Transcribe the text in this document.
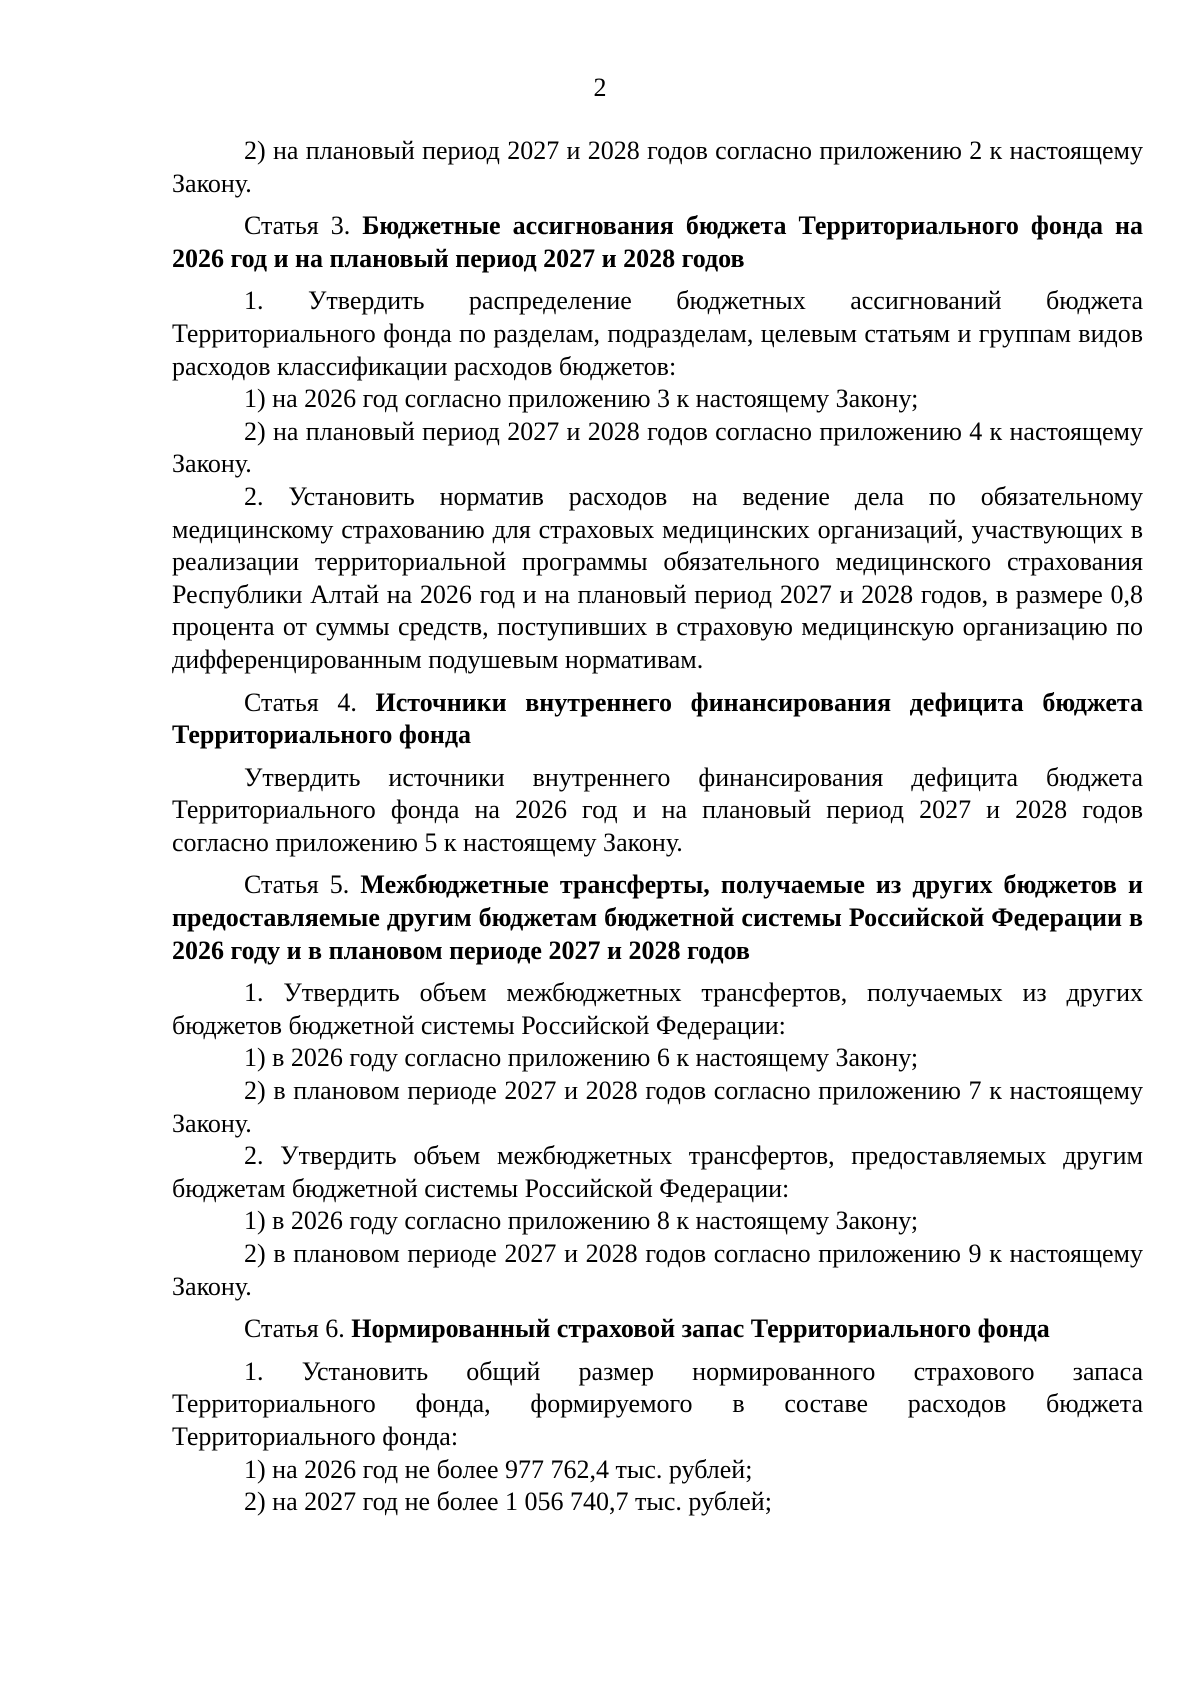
2

2) на плановый период 2027 и 2028 годов согласно приложению 2 к настоящему Закону.

Статья 3. Бюджетные ассигнования бюджета Территориального фонда на 2026 год и на плановый период 2027 и 2028 годов

1. Утвердить распределение бюджетных ассигнований бюджета Территориального фонда по разделам, подразделам, целевым статьям и группам видов расходов классификации расходов бюджетов:

1) на 2026 год согласно приложению 3 к настоящему Закону;

2) на плановый период 2027 и 2028 годов согласно приложению 4 к настоящему Закону.

2. Установить норматив расходов на ведение дела по обязательному медицинскому страхованию для страховых медицинских организаций, участвующих в реализации территориальной программы обязательного медицинского страхования Республики Алтай на 2026 год и на плановый период 2027 и 2028 годов, в размере 0,8 процента от суммы средств, поступивших в страховую медицинскую организацию по дифференцированным подушевым нормативам.

Статья 4. Источники внутреннего финансирования дефицита бюджета Территориального фонда

Утвердить источники внутреннего финансирования дефицита бюджета Территориального фонда на 2026 год и на плановый период 2027 и 2028 годов согласно приложению 5 к настоящему Закону.

Статья 5. Межбюджетные трансферты, получаемые из других бюджетов и предоставляемые другим бюджетам бюджетной системы Российской Федерации в 2026 году и в плановом периоде 2027 и 2028 годов

1. Утвердить объем межбюджетных трансфертов, получаемых из других бюджетов бюджетной системы Российской Федерации:

1) в 2026 году согласно приложению 6 к настоящему Закону;

2) в плановом периоде 2027 и 2028 годов согласно приложению 7 к настоящему Закону.

2. Утвердить объем межбюджетных трансфертов, предоставляемых другим бюджетам бюджетной системы Российской Федерации:

1) в 2026 году согласно приложению 8 к настоящему Закону;

2) в плановом периоде 2027 и 2028 годов согласно приложению 9 к настоящему Закону.

Статья 6. Нормированный страховой запас Территориального фонда

1. Установить общий размер нормированного страхового запаса Территориального фонда, формируемого в составе расходов бюджета Территориального фонда:

1) на 2026 год не более 977 762,4 тыс. рублей;

2) на 2027 год не более 1 056 740,7 тыс. рублей;
